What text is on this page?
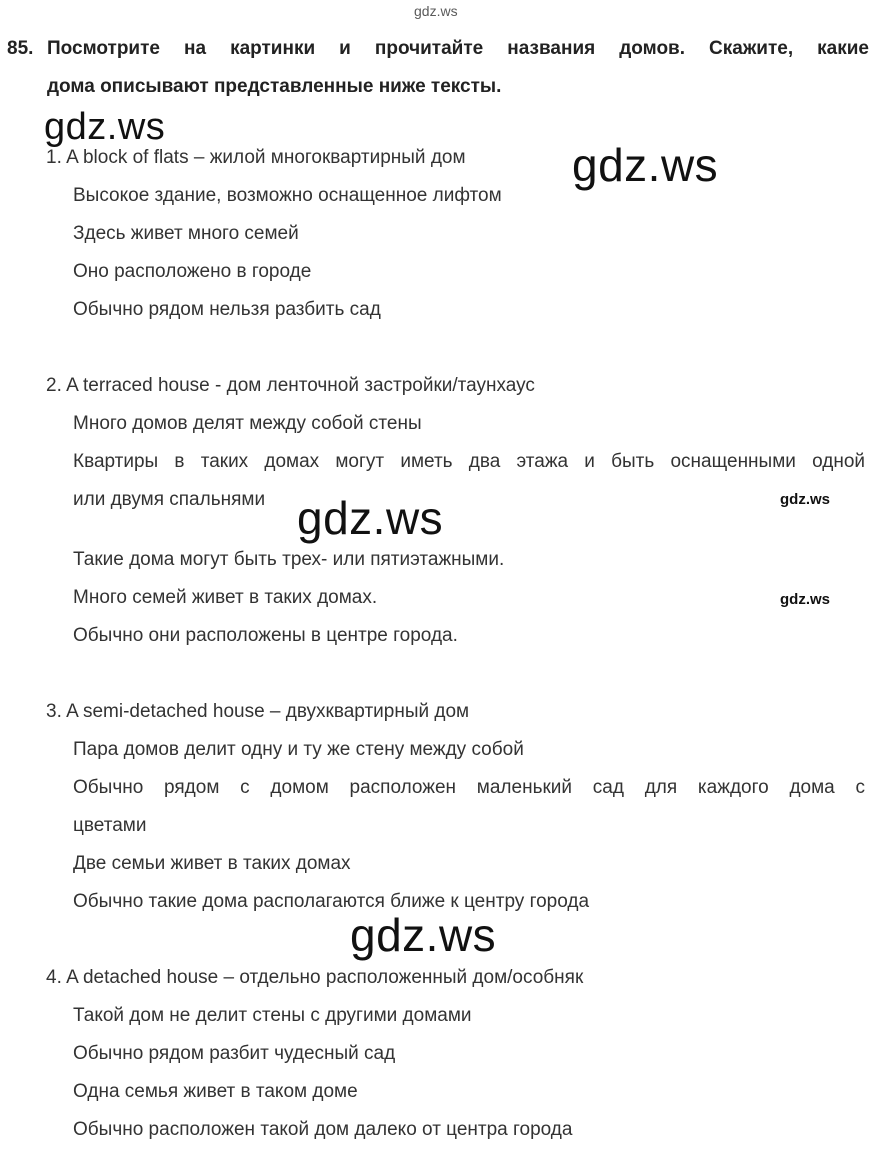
gdz.ws
85. Посмотрите на картинки и прочитайте названия домов. Скажите, какие
дома описывают представленные ниже тексты.
gdz.ws
gdz.ws
1. A block of flats – жилой многоквартирный дом
Высокое здание, возможно оснащенное лифтом
Здесь живет много семей
Оно расположено в городе
Обычно рядом нельзя разбить сад
2. A terraced house - дом ленточной застройки/таунхаус
Много домов делят между собой стены
Квартиры в таких домах могут иметь два этажа и быть оснащенными одной
или двумя спальнями	gdz.ws
gdz.ws
Такие дома могут быть трех- или пятиэтажными.
Много семей живет в таких домах.	gdz.ws
Обычно они расположены в центре города.
3. A semi-detached house – двухквартирный дом
Пара домов делит одну и ту же стену между собой
Обычно рядом с домом расположен маленький сад для каждого дома с
цветами
Две семьи живет в таких домах
Обычно такие дома располагаются ближе к центру города
gdz.ws
4. A detached house – отдельно расположенный дом/особняк
Такой дом не делит стены с другими домами
Обычно рядом разбит чудесный сад
Одна семья живет в таком доме
Обычно расположен такой дом далеко от центра города
